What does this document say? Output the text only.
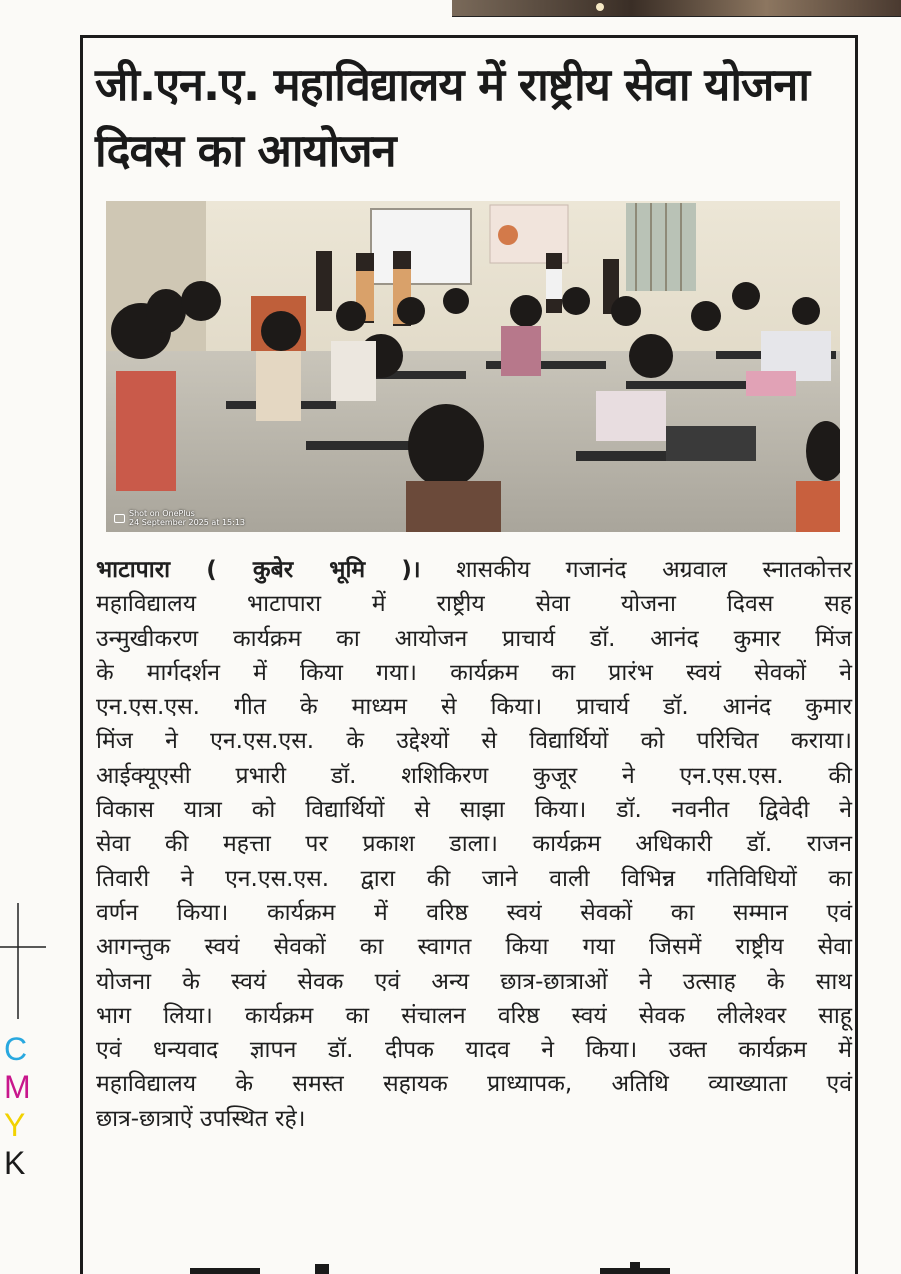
जी.एन.ए. महाविद्यालय में राष्ट्रीय सेवा योजना
दिवस का आयोजन
Shot on OnePlus
24 September 2025 at 15:13
भाटापारा ( कुबेर भूमि )। शासकीय गजानंद अग्रवाल स्नातकोत्तर
महाविद्यालय भाटापारा में राष्ट्रीय सेवा योजना दिवस सह
उन्मुखीकरण कार्यक्रम का आयोजन प्राचार्य डॉ. आनंद कुमार मिंज
के मार्गदर्शन में किया गया। कार्यक्रम का प्रारंभ स्वयं सेवकों ने
एन.एस.एस. गीत के माध्यम से किया। प्राचार्य डॉ. आनंद कुमार
मिंज ने एन.एस.एस. के उद्देश्यों से विद्यार्थियों को परिचित कराया।
आईक्यूएसी प्रभारी डॉ. शशिकिरण कुजूर ने एन.एस.एस. की
विकास यात्रा को विद्यार्थियों से साझा किया। डॉ. नवनीत द्विवेदी ने
सेवा की महत्ता पर प्रकाश डाला। कार्यक्रम अधिकारी डॉ. राजन
तिवारी ने एन.एस.एस. द्वारा की जाने वाली विभिन्न गतिविधियों का
वर्णन किया। कार्यक्रम में वरिष्ठ स्वयं सेवकों का सम्मान एवं
आगन्तुक स्वयं सेवकों का स्वागत किया गया जिसमें राष्ट्रीय सेवा
योजना के स्वयं सेवक एवं अन्य छात्र-छात्राओं ने उत्साह के साथ
भाग लिया। कार्यक्रम का संचालन वरिष्ठ स्वयं सेवक लीलेश्वर साहू
एवं धन्यवाद ज्ञापन डॉ. दीपक यादव ने किया। उक्त कार्यक्रम में
महाविद्यालय के समस्त सहायक प्राध्यापक, अतिथि व्याख्याता एवं
छात्र-छात्राऐं उपस्थित रहे।
C
M
Y
K
